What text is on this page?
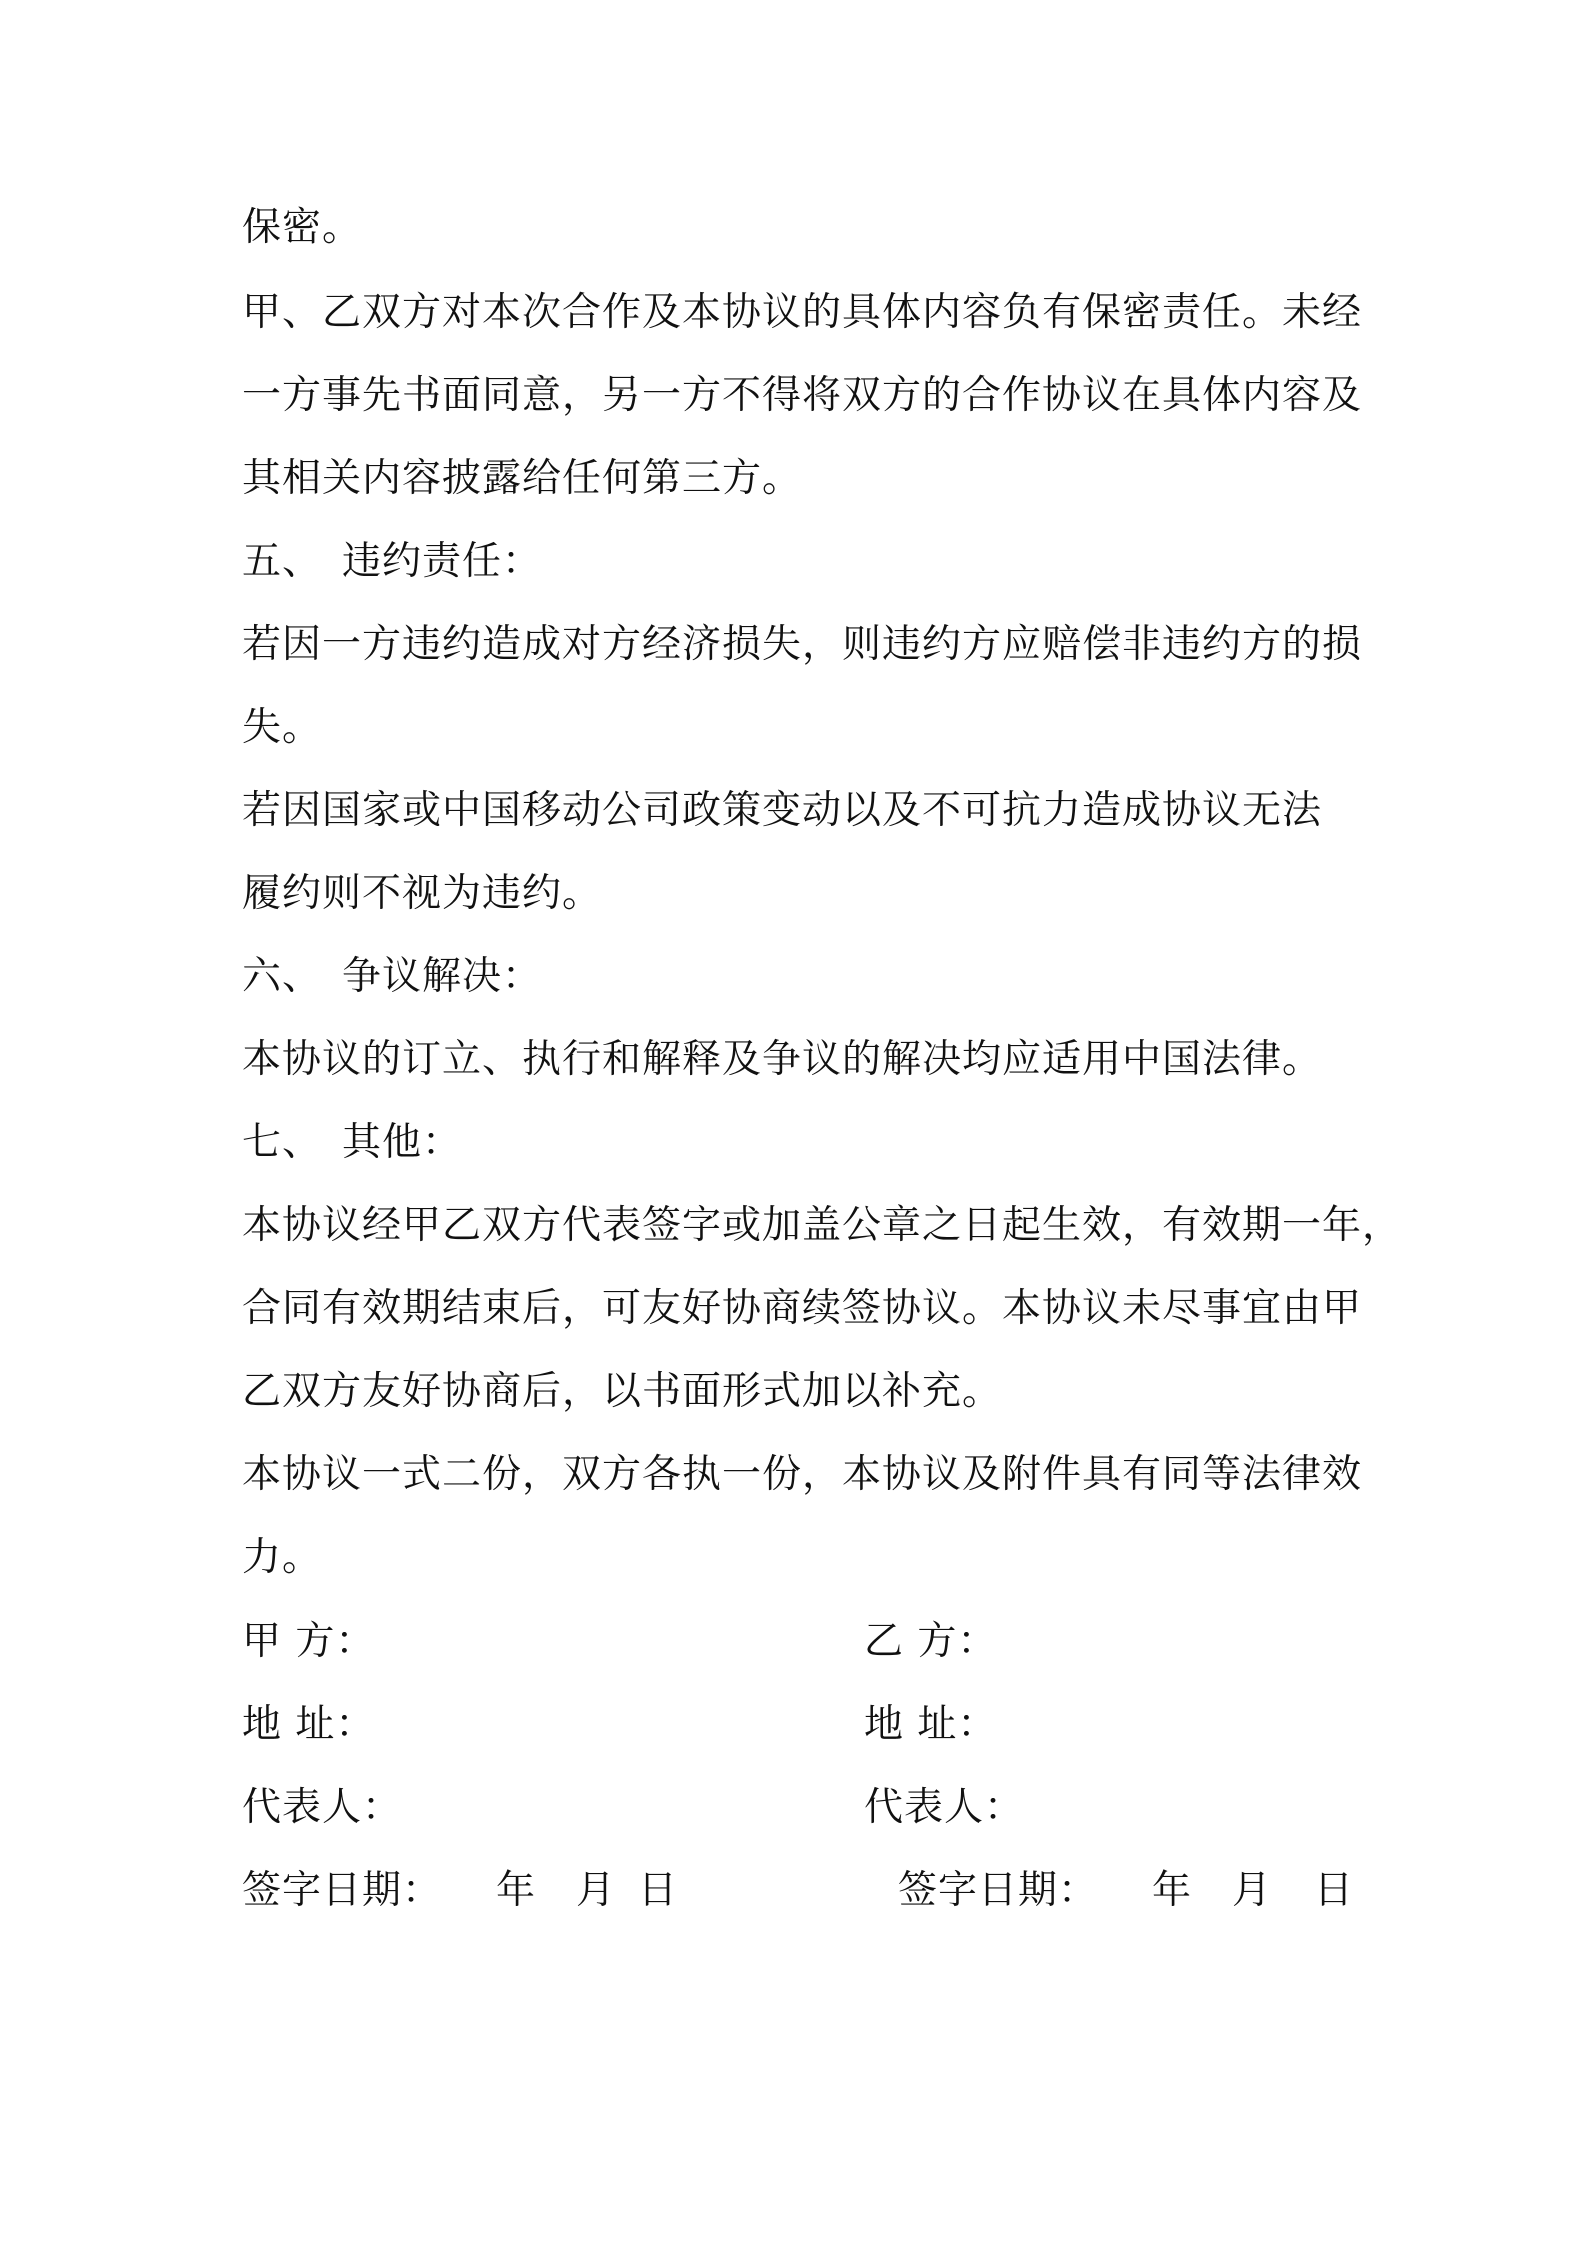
保密。
甲、乙双方对本次合作及本协议的具体内容负有保密责任。未经
一方事先书面同意，另一方不得将双方的合作协议在具体内容及
其相关内容披露给任何第三方。
五、 违约责任：
若因一方违约造成对方经济损失，则违约方应赔偿非违约方的损
失。
若因国家或中国移动公司政策变动以及不可抗力造成协议无法
履约则不视为违约。
六、 争议解决：
本协议的订立、执行和解释及争议的解决均应适用中国法律。
七、 其他：
本协议经甲乙双方代表签字或加盖公章之日起生效，有效期一年，
合同有效期结束后，可友好协商续签协议。本协议未尽事宜由甲
乙双方友好协商后，以书面形式加以补充。
本协议一式二份，双方各执一份，本协议及附件具有同等法律效
力。
甲 方：
地 址：
代表人：
签字日期： 年 月 日
乙 方：
地 址：
代表人：
签字日期： 年 月 日
